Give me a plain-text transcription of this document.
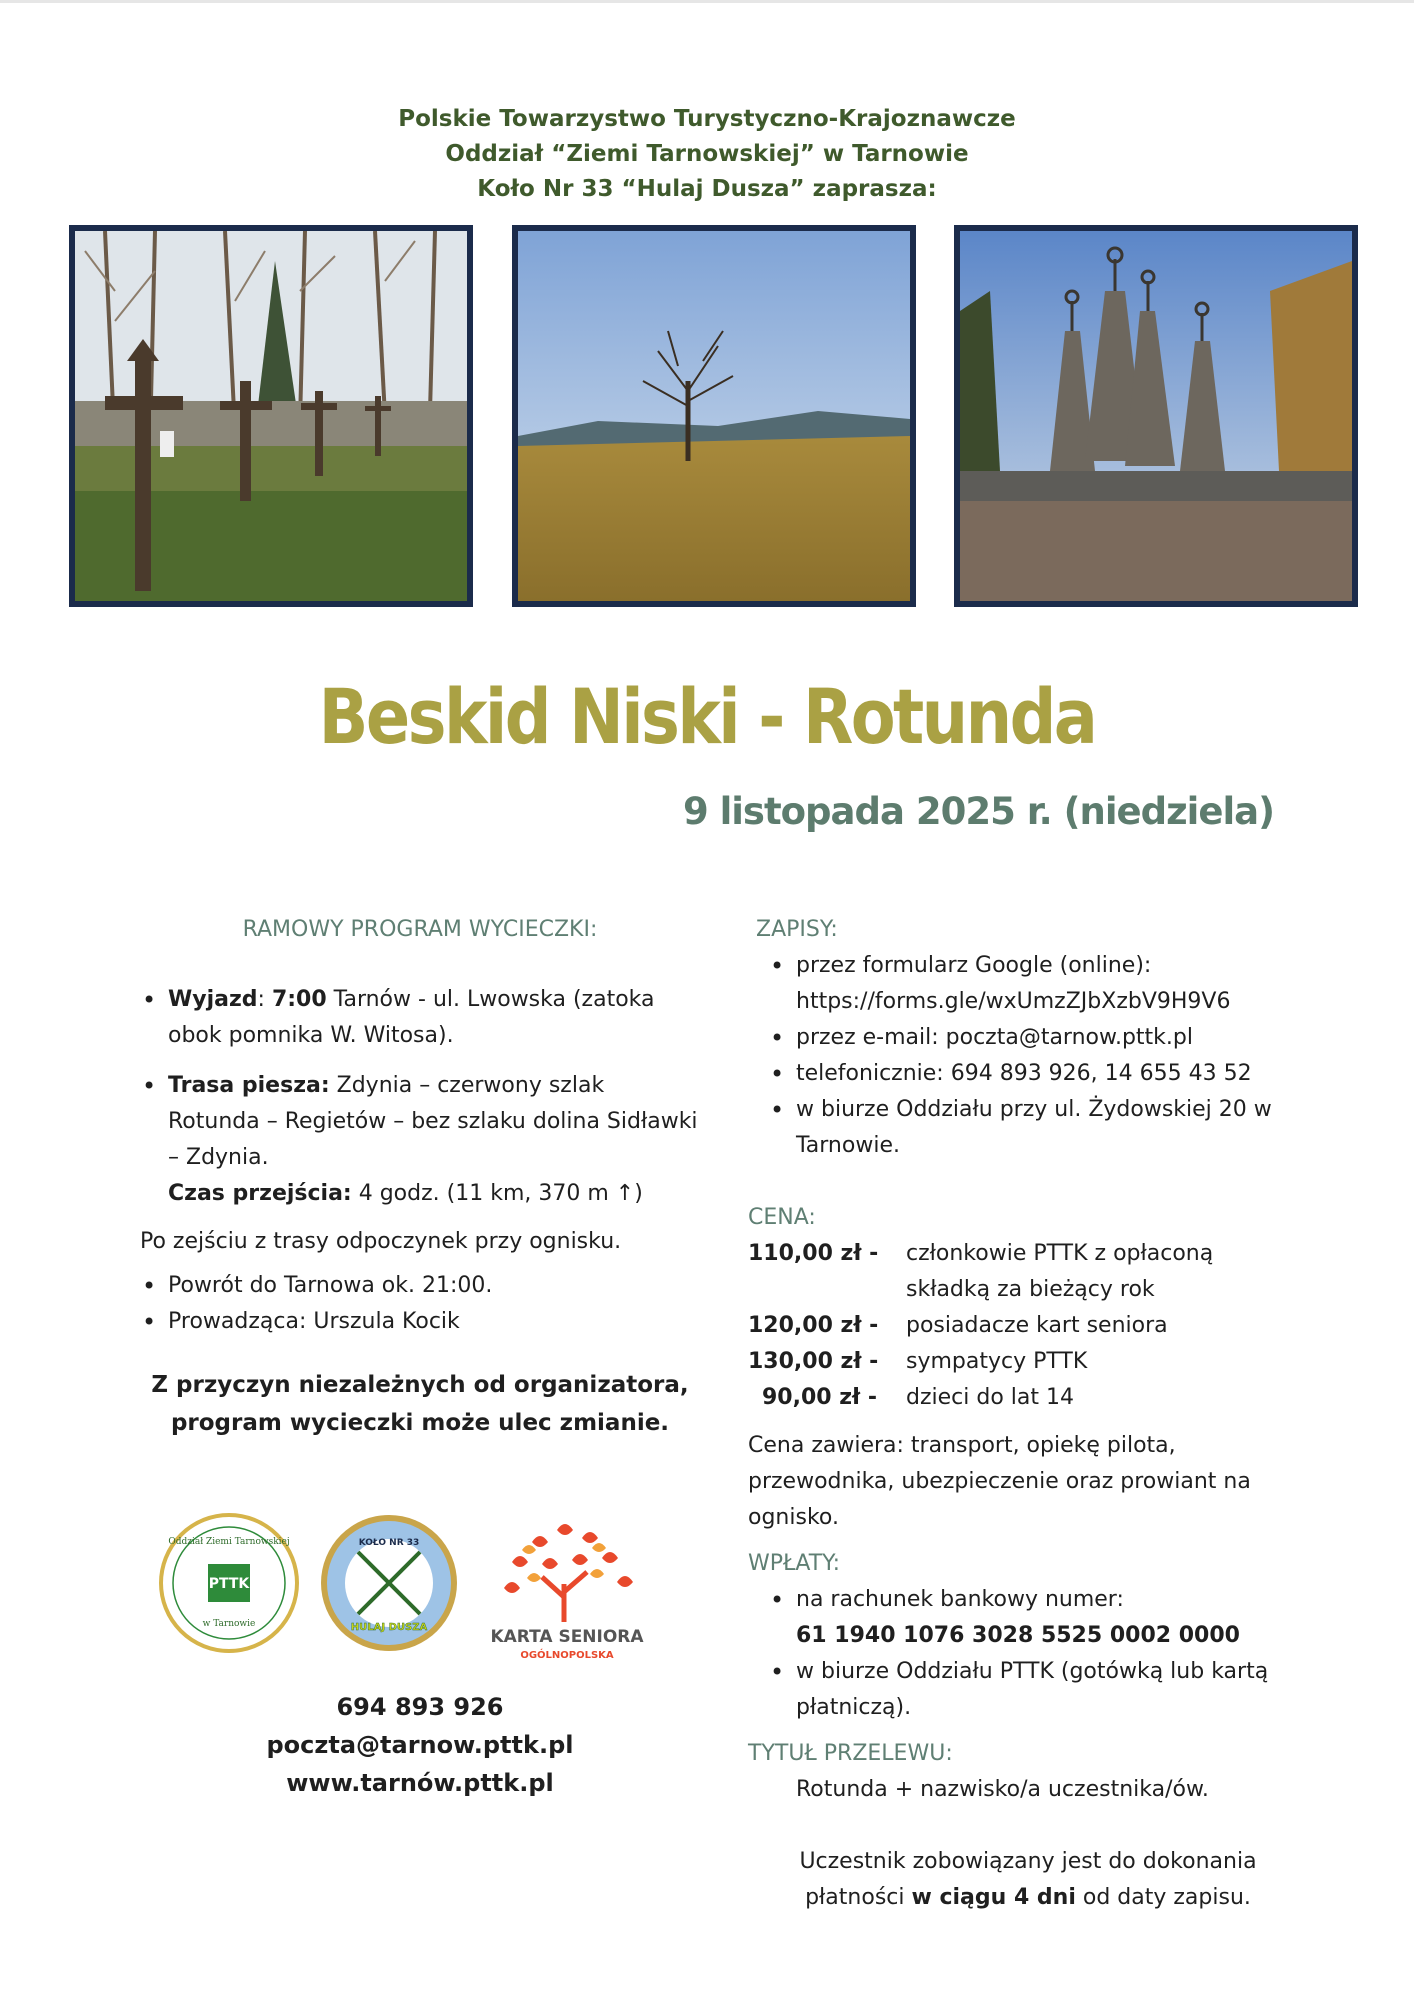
Polskie Towarzystwo Turystyczno-Krajoznawcze
Oddział “Ziemi Tarnowskiej” w Tarnowie
Koło Nr 33 “Hulaj Dusza” zaprasza:
Beskid Niski - Rotunda
9 listopada 2025 r. (niedziela)
RAMOWY PROGRAM WYCIECZKI:
• Wyjazd: 7:00 Tarnów - ul. Lwowska (zatoka obok pomnika W. Witosa).
• Trasa piesza: Zdynia – czerwony szlak Rotunda – Regietów – bez szlaku dolina Sidławki – Zdynia.
Czas przejścia: 4 godz. (11 km, 370 m ↑)
Po zejściu z trasy odpoczynek przy ognisku.
• Powrót do Tarnowa ok. 21:00.
• Prowadząca: Urszula Kocik
Z przyczyn niezależnych od organizatora,
program wycieczki może ulec zmianie.
PTTK
Oddział Ziemi Tarnowskiej
w Tarnowie
KOŁO NR 33
HULAJ DUSZA	KARTA SENIORA
OGÓLNOPOLSKA
694 893 926
poczta@tarnow.pttk.pl
www.tarnów.pttk.pl
ZAPISY:
• przez formularz Google (online): https://forms.gle/wxUmzZJbXzbV9H9V6
• przez e-mail: poczta@tarnow.pttk.pl
• telefonicznie: 694 893 926, 14 655 43 52
• w biurze Oddziału przy ul. Żydowskiej 20 w Tarnowie.
CENA:
110,00 zł -	członkowie PTTK z opłaconą składką za bieżący rok
120,00 zł -	posiadacze kart seniora
130,00 zł -	sympatycy PTTK
90,00 zł -	dzieci do lat 14
Cena zawiera: transport, opiekę pilota, przewodnika, ubezpieczenie oraz prowiant na ognisko.
WPŁATY:
• na rachunek bankowy numer:
61 1940 1076 3028 5525 0002 0000
• w biurze Oddziału PTTK (gotówką lub kartą płatniczą).
TYTUŁ PRZELEWU:
Rotunda + nazwisko/a uczestnika/ów.
Uczestnik zobowiązany jest do dokonania
płatności w ciągu 4 dni od daty zapisu.
